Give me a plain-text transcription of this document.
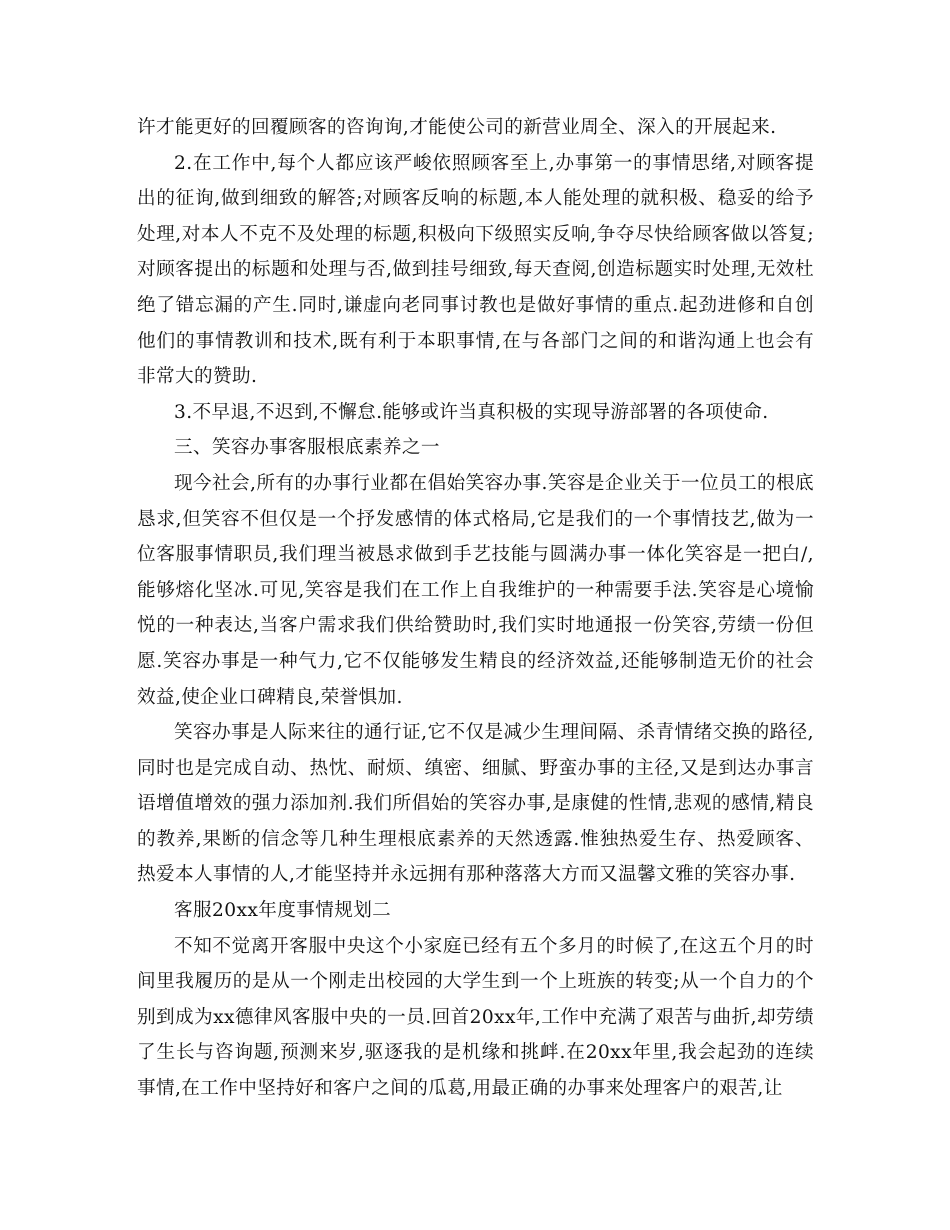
许才能更好的回覆顾客的咨询询,才能使公司的新营业周全、深入的开展起来.

2.在工作中,每个人都应该严峻依照顾客至上,办事第一的事情思绪,对顾客提出的征询,做到细致的解答;对顾客反响的标题,本人能处理的就积极、稳妥的给予处理,对本人不克不及处理的标题,积极向下级照实反响,争夺尽快给顾客做以答复;对顾客提出的标题和处理与否,做到挂号细致,每天查阅,创造标题实时处理,无效杜绝了错忘漏的产生.同时,谦虚向老同事讨教也是做好事情的重点.起劲进修和自创他们的事情教训和技术,既有利于本职事情,在与各部门之间的和谐沟通上也会有非常大的赞助.

3.不早退,不迟到,不懈怠.能够或许当真积极的实现导游部署的各项使命.

三、笑容办事客服根底素养之一

现今社会,所有的办事行业都在倡始笑容办事.笑容是企业关于一位员工的根底恳求,但笑容不但仅是一个抒发感情的体式格局,它是我们的一个事情技艺,做为一位客服事情职员,我们理当被恳求做到手艺技能与圆满办事一体化笑容是一把白/,能够熔化坚冰.可见,笑容是我们在工作上自我维护的一种需要手法.笑容是心境愉悦的一种表达,当客户需求我们供给赞助时,我们实时地通报一份笑容,劳绩一份但愿.笑容办事是一种气力,它不仅能够发生精良的经济效益,还能够制造无价的社会效益,使企业口碑精良,荣誉惧加.

笑容办事是人际来往的通行证,它不仅是减少生理间隔、杀青情绪交换的路径,同时也是完成自动、热忱、耐烦、缜密、细腻、野蛮办事的主径,又是到达办事言语增值增效的强力添加剂.我们所倡始的笑容办事,是康健的性情,悲观的感情,精良的教养,果断的信念等几种生理根底素养的天然透露.惟独热爱生存、热爱顾客、热爱本人事情的人,才能坚持并永远拥有那种落落大方而又温馨文雅的笑容办事.

客服20xx年度事情规划二

不知不觉离开客服中央这个小家庭已经有五个多月的时候了,在这五个月的时间里我履历的是从一个刚走出校园的大学生到一个上班族的转变;从一个自力的个别到成为xx德律风客服中央的一员.回首20xx年,工作中充满了艰苦与曲折,却劳绩了生长与咨询题,预测来岁,驱逐我的是机缘和挑衅.在20xx年里,我会起劲的连续事情,在工作中坚持好和客户之间的瓜葛,用最正确的办事来处理客户的艰苦,让
